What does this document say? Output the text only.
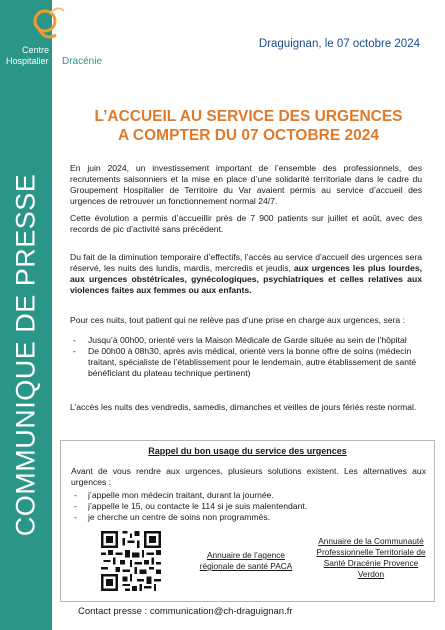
COMMUNIQUE DE PRESSE
Centre
Hospitalier Dracénie
Draguignan, le 07 octobre 2024
L’ACCUEIL AU SERVICE DES URGENCES
A COMPTER DU 07 OCTOBRE 2024
En juin 2024, un investissement important de l’ensemble des professionnels, des recrutements saisonniers et la mise en place d’une solidarité territoriale dans le cadre du Groupement Hospitalier de Territoire du Var avaient permis au service d’accueil des urgences de retrouver un fonctionnement normal 24/7.
Cette évolution a permis d’accueillir près de 7 900 patients sur juillet et août, avec des records de pic d’activité sans précédent.
Du fait de la diminution temporaire d’effectifs, l’accès au service d’accueil des urgences sera réservé, les nuits des lundis, mardis, mercredis et jeudis, aux urgences les plus lourdes, aux urgences obstétricales, gynécologiques, psychiatriques et celles relatives aux violences faites aux femmes ou aux enfants.
Pour ces nuits, tout patient qui ne relève pas d’une prise en charge aux urgences, sera :
- Jusqu’à 00h00, orienté vers la Maison Médicale de Garde située au sein de l’hôpital
- De 00h00 à 08h30, après avis médical, orienté vers la bonne offre de soins (médecin traitant, spécialiste de l’établissement pour le lendemain, autre établissement de santé bénéficiant du plateau technique pertinent)
L’accès les nuits des vendredis, samedis, dimanches et veilles de jours fériés reste normal.
Rappel du bon usage du service des urgences
Avant de vous rendre aux urgences, plusieurs solutions existent. Les alternatives aux urgences :
- j’appelle mon médecin traitant, durant la journée.
- j’appelle le 15, ou contacte le 114 si je suis malentendant.
- je cherche un centre de soins non programmés.
Annuaire de l’agence régionale de santé PACA
Annuaire de la Communauté Professionnelle Territoriale de Santé Dracénie Provence Verdon
Contact presse : communication@ch-draguignan.fr
